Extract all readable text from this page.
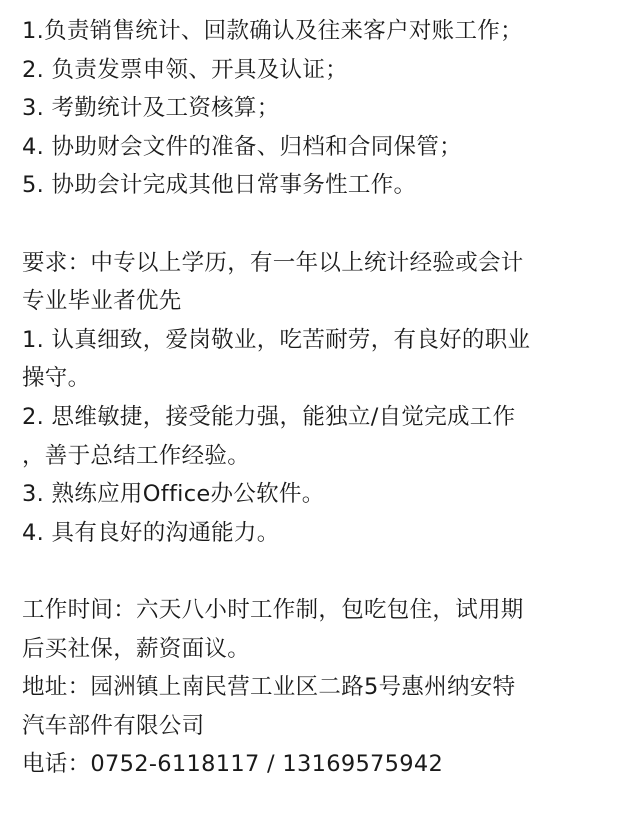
1.负责销售统计、回款确认及往来客户对账工作；
2. 负责发票申领、开具及认证；
3. 考勤统计及工资核算；
4. 协助财会文件的准备、归档和合同保管；
5. 协助会计完成其他日常事务性工作。
要求：中专以上学历，有一年以上统计经验或会计
专业毕业者优先
1. 认真细致，爱岗敬业，吃苦耐劳，有良好的职业
操守。
2. 思维敏捷，接受能力强，能独立/自觉完成工作
，善于总结工作经验。
3. 熟练应用Office办公软件。
4. 具有良好的沟通能力。
工作时间：六天八小时工作制，包吃包住，试用期
后买社保，薪资面议。
地址：园洲镇上南民营工业区二路5号惠州纳安特
汽车部件有限公司
电话：0752-6118117 / 13169575942
